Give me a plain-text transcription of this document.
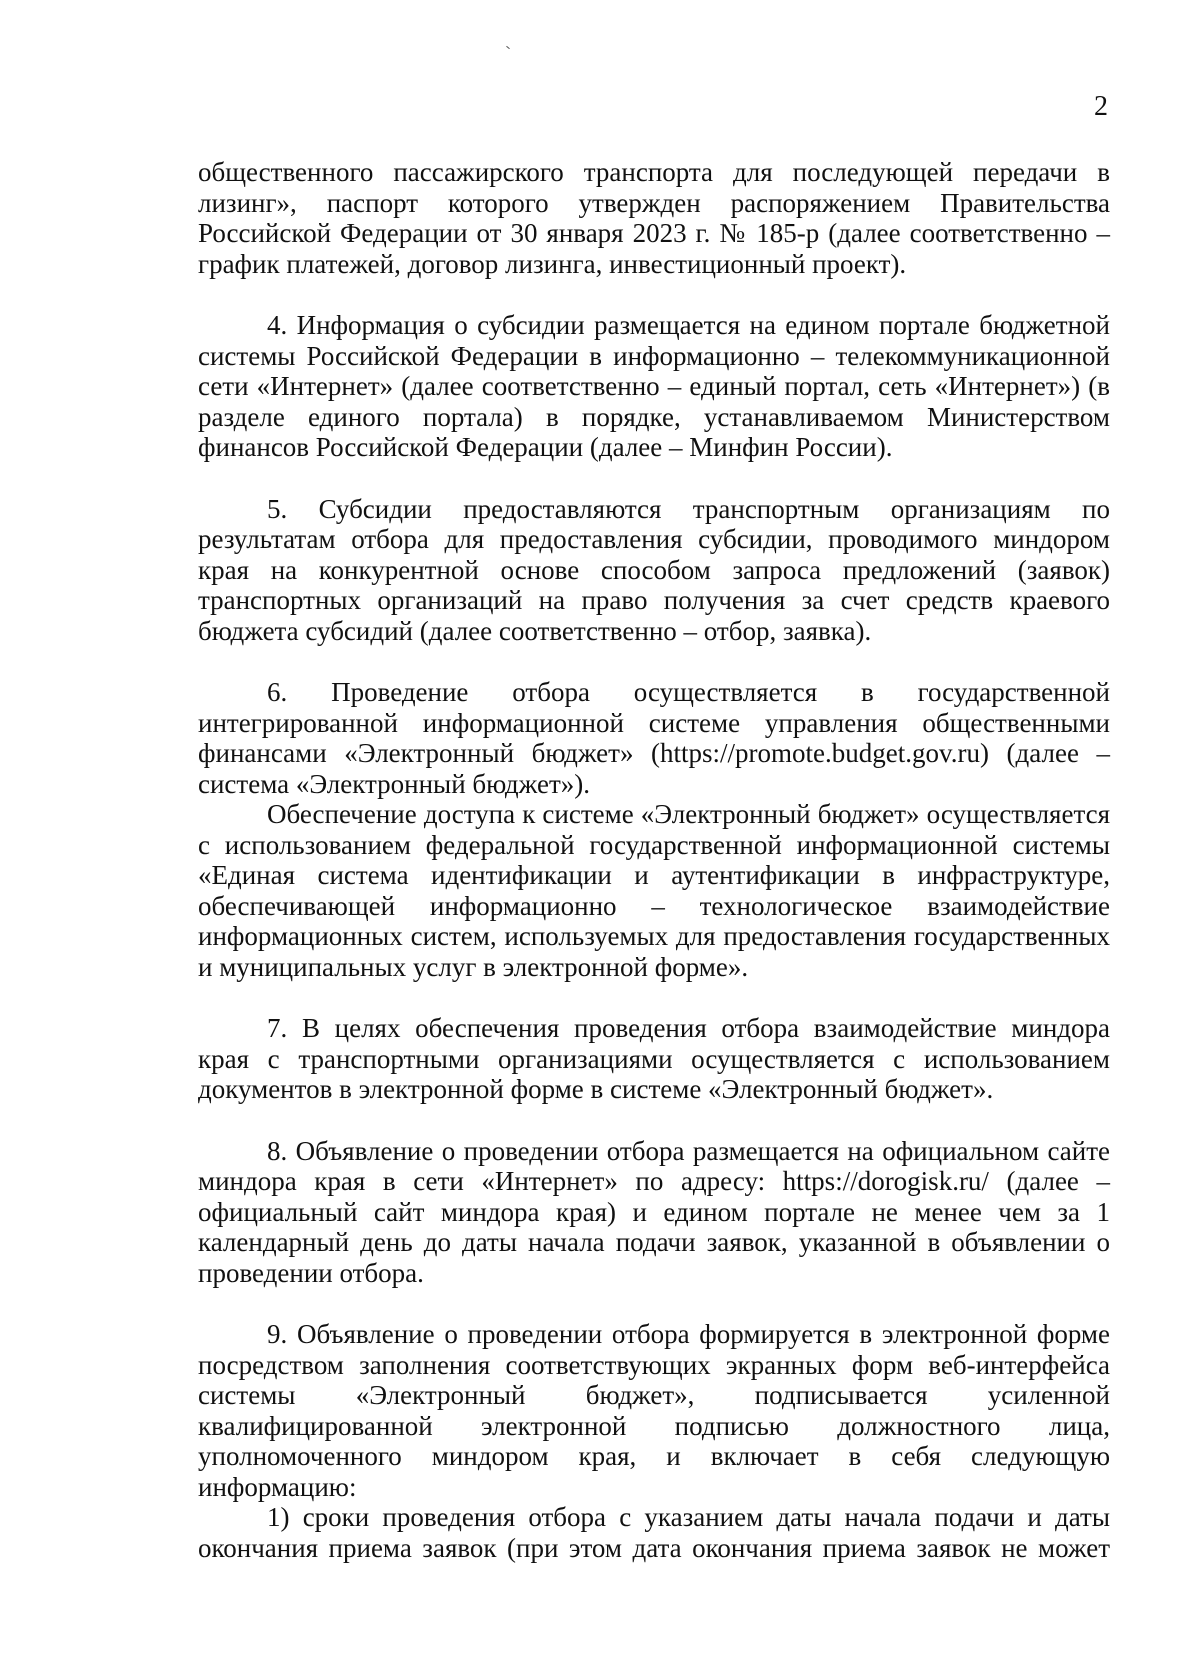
2

общественного пассажирского транспорта для последующей передачи в лизинг», паспорт которого утвержден распоряжением Правительства Российской Федерации от 30 января 2023 г. № 185-р (далее соответственно – график платежей, договор лизинга, инвестиционный проект).

4. Информация о субсидии размещается на едином портале бюджетной системы Российской Федерации в информационно – телекоммуникационной сети «Интернет» (далее соответственно – единый портал, сеть «Интернет») (в разделе единого портала) в порядке, устанавливаемом Министерством финансов Российской Федерации (далее – Минфин России).

5. Субсидии предоставляются транспортным организациям по результатам отбора для предоставления субсидии, проводимого миндором края на конкурентной основе способом запроса предложений (заявок) транспортных организаций на право получения за счет средств краевого бюджета субсидий (далее соответственно – отбор, заявка).

6. Проведение отбора осуществляется в государственной интегрированной информационной системе управления общественными финансами «Электронный бюджет» (https://promote.budget.gov.ru) (далее – система «Электронный бюджет»).

Обеспечение доступа к системе «Электронный бюджет» осуществляется с использованием федеральной государственной информационной системы «Единая система идентификации и аутентификации в инфраструктуре, обеспечивающей информационно – технологическое взаимодействие информационных систем, используемых для предоставления государственных и муниципальных услуг в электронной форме».

7. В целях обеспечения проведения отбора взаимодействие миндора края с транспортными организациями осуществляется с использованием документов в электронной форме в системе «Электронный бюджет».

8. Объявление о проведении отбора размещается на официальном сайте миндора края в сети «Интернет» по адресу: https://dorogisk.ru/ (далее – официальный сайт миндора края) и едином портале не менее чем за 1 календарный день до даты начала подачи заявок, указанной в объявлении о проведении отбора.

9. Объявление о проведении отбора формируется в электронной форме посредством заполнения соответствующих экранных форм веб-интерфейса системы «Электронный бюджет», подписывается усиленной квалифицированной электронной подписью должностного лица, уполномоченного миндором края, и включает в себя следующую информацию:

1) сроки проведения отбора с указанием даты начала подачи и даты окончания приема заявок (при этом дата окончания приема заявок не может
